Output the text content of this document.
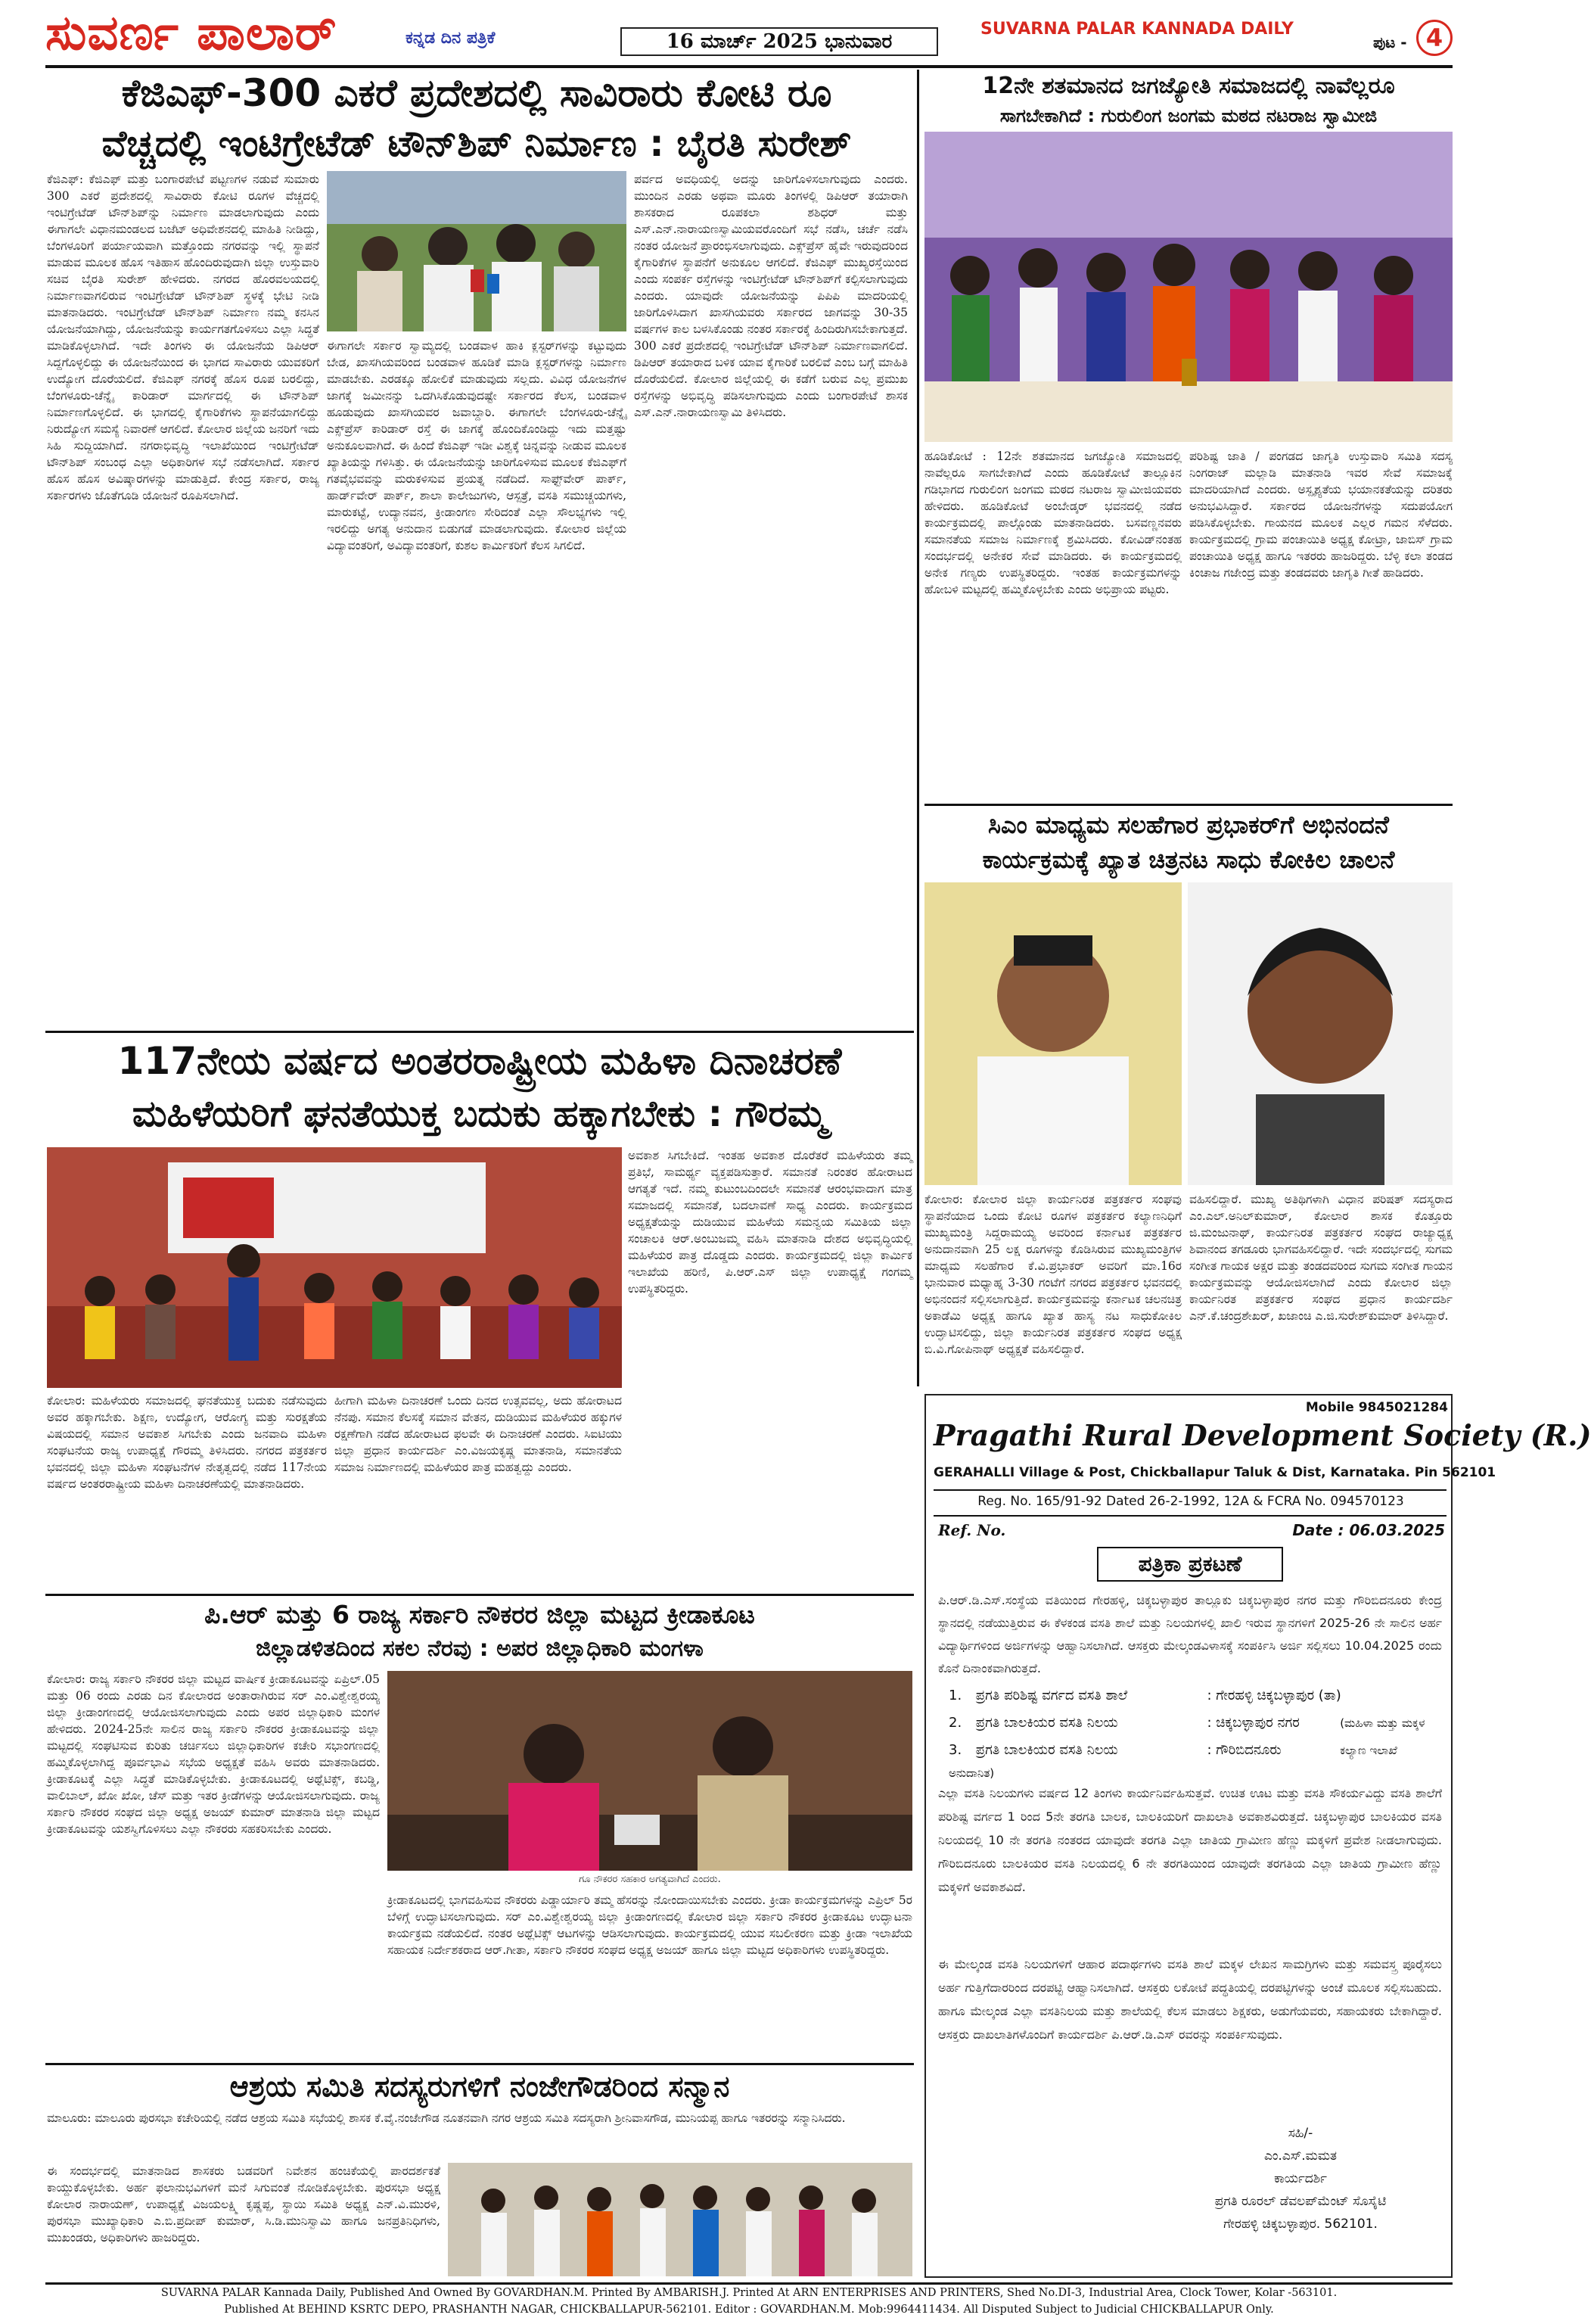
ಸುವರ್ಣ ಪಾಲಾರ್	ಕನ್ನಡ ದಿನ ಪತ್ರಿಕೆ	16 ಮಾರ್ಚ್ 2025 ಭಾನುವಾರ
SUVARNA PALAR KANNADA DAILY
ಪುಟ - 4
ಕೆಜಿಎಫ್-300 ಎಕರೆ ಪ್ರದೇಶದಲ್ಲಿ ಸಾವಿರಾರು ಕೋಟಿ ರೂ
ವೆಚ್ಚದಲ್ಲಿ ಇಂಟಿಗ್ರೇಟೆಡ್ ಟೌನ್‌ಶಿಪ್ ನಿರ್ಮಾಣ : ಬೈರತಿ ಸುರೇಶ್
ಕೆಜಿಎಫ್: ಕೆಜಿಎಫ್ ಮತ್ತು ಬಂಗಾರಪೇಟೆ ಪಟ್ಟಣಗಳ ನಡುವೆ ಸುಮಾರು 300 ಎಕರೆ ಪ್ರದೇಶದಲ್ಲಿ ಸಾವಿರಾರು ಕೋಟಿ ರೂಗಳ ವೆಚ್ಚದಲ್ಲಿ ಇಂಟಿಗ್ರೇಟೆಡ್ ಟೌನ್‌ಶಿಪ್‌ನ್ನು ನಿರ್ಮಾಣ ಮಾಡಲಾಗುವುದು ಎಂದು ಈಗಾಗಲೇ ವಿಧಾನಮಂಡಲದ ಬಜೆಟ್ ಅಧಿವೇಶನದಲ್ಲಿ ಮಾಹಿತಿ ನೀಡಿದ್ದು, ಬೆಂಗಳೂರಿಗೆ ಪರ್ಯಾಯವಾಗಿ ಮತ್ತೊಂದು ನಗರವನ್ನು ಇಲ್ಲಿ ಸ್ಥಾಪನೆ ಮಾಡುವ ಮೂಲಕ ಹೊಸ ಇತಿಹಾಸ ಹೊಂದಿರುವುದಾಗಿ ಜಿಲ್ಲಾ ಉಸ್ತುವಾರಿ ಸಚಿವ ಬೈರತಿ ಸುರೇಶ್ ಹೇಳಿದರು. ನಗರದ ಹೊರವಲಯದಲ್ಲಿ ನಿರ್ಮಾಣವಾಗಲಿರುವ ಇಂಟಿಗ್ರೇಟೆಡ್ ಟೌನ್‌ಶಿಪ್ ಸ್ಥಳಕ್ಕೆ ಭೇಟಿ ನೀಡಿ ಮಾತನಾಡಿದರು. ಇಂಟಿಗ್ರೇಟೆಡ್ ಟೌನ್‌ಶಿಪ್ ನಿರ್ಮಾಣ ನಮ್ಮ ಕನಸಿನ ಯೋಜನೆಯಾಗಿದ್ದು, ಯೋಜನೆಯನ್ನು ಕಾರ್ಯಗತಗೊಳಿಸಲು ಎಲ್ಲಾ ಸಿದ್ಧತೆ ಮಾಡಿಕೊಳ್ಳಲಾಗಿದೆ. ಇದೇ ತಿಂಗಳು ಈ ಯೋಜನೆಯ ಡಿಪಿಆರ್ ಸಿದ್ದಗೊಳ್ಳಲಿದ್ದು ಈ ಯೋಜನೆಯಿಂದ ಈ ಭಾಗದ ಸಾವಿರಾರು ಯುವಕರಿಗೆ ಉದ್ಯೋಗ ದೊರೆಯಲಿದೆ. ಕೆಜಿಎಫ್ ನಗರಕ್ಕೆ ಹೊಸ ರೂಪ ಬರಲಿದ್ದು, ಬೆಂಗಳೂರು-ಚೆನ್ನೈ ಕಾರಿಡಾರ್ ಮಾರ್ಗದಲ್ಲಿ ಈ ಟೌನ್‌ಶಿಪ್ ನಿರ್ಮಾಣಗೊಳ್ಳಲಿದೆ. ಈ ಭಾಗದಲ್ಲಿ ಕೈಗಾರಿಕೆಗಳು ಸ್ಥಾಪನೆಯಾಗಲಿದ್ದು ನಿರುದ್ಯೋಗ ಸಮಸ್ಯೆ ನಿವಾರಣೆ ಆಗಲಿದೆ. ಕೋಲಾರ ಜಿಲ್ಲೆಯ ಜನರಿಗೆ ಇದು ಸಿಹಿ ಸುದ್ದಿಯಾಗಿದೆ. ನಗರಾಭಿವೃದ್ಧಿ ಇಲಾಖೆಯಿಂದ ಇಂಟಿಗ್ರೇಟೆಡ್ ಟೌನ್‌ಶಿಪ್ ಸಂಬಂಧ ಎಲ್ಲಾ ಅಧಿಕಾರಿಗಳ ಸಭೆ ನಡೆಸಲಾಗಿದೆ. ಸರ್ಕಾರ ಹೊಸ ಹೊಸ ಅವಿಷ್ಕಾರಗಳನ್ನು ಮಾಡುತ್ತಿದೆ. ಕೇಂದ್ರ ಸರ್ಕಾರ, ರಾಜ್ಯ ಸರ್ಕಾರಗಳು ಜೊತೆಗೂಡಿ ಯೋಜನೆ ರೂಪಿಸಲಾಗಿದೆ.
ಈಗಾಗಲೇ ಸರ್ಕಾರ ಸ್ವಾಮ್ಯದಲ್ಲಿ ಬಂಡವಾಳ ಹಾಕಿ ಕ್ಲಸ್ಟರ್‌ಗಳನ್ನು ಕಟ್ಟುವುದು ಬೇಡ, ಖಾಸಗಿಯವರಿಂದ ಬಂಡವಾಳ ಹೂಡಿಕೆ ಮಾಡಿ ಕ್ಲಸ್ಟರ್‌ಗಳನ್ನು ನಿರ್ಮಾಣ ಮಾಡಬೇಕು. ಎರಡಕ್ಕೂ ಹೋಲಿಕೆ ಮಾಡುವುದು ಸಲ್ಲದು. ವಿವಿಧ ಯೋಜನೆಗಳ ಜಾಗಕ್ಕೆ ಜಮೀನನ್ನು ಒದಗಿಸಿಕೊಡುವುದಷ್ಟೇ ಸರ್ಕಾರದ ಕೆಲಸ, ಬಂಡವಾಳ ಹೂಡುವುದು ಖಾಸಗಿಯವರ ಜವಾಬ್ದಾರಿ. ಈಗಾಗಲೇ ಬೆಂಗಳೂರು-ಚೆನ್ನೈ ಎಕ್ಸ್‌ಪ್ರೆಸ್ ಕಾರಿಡಾರ್ ರಸ್ತೆ ಈ ಜಾಗಕ್ಕೆ ಹೊಂದಿಕೊಂಡಿದ್ದು ಇದು ಮತ್ತಷ್ಟು ಅನುಕೂಲವಾಗಿದೆ. ಈ ಹಿಂದೆ ಕೆಜಿಎಫ್ ಇಡೀ ವಿಶ್ವಕ್ಕೆ ಚಿನ್ನವನ್ನು ನೀಡುವ ಮೂಲಕ ಖ್ಯಾತಿಯನ್ನು ಗಳಿಸಿತ್ತು. ಈ ಯೋಜನೆಯನ್ನು ಜಾರಿಗೊಳಿಸುವ ಮೂಲಕ ಕೆಜಿಎಫ್‌ಗೆ ಗತವೈಭವವನ್ನು ಮರುಕಳಿಸುವ ಪ್ರಯತ್ನ ನಡೆದಿದೆ. ಸಾಫ್ಟ್‌ವೇರ್ ಪಾರ್ಕ್, ಹಾರ್ಡ್‌ವೇರ್ ಪಾರ್ಕ್, ಶಾಲಾ ಕಾಲೇಜುಗಳು, ಆಸ್ಪತ್ರೆ, ವಸತಿ ಸಮುಚ್ಚಯಗಳು, ಮಾರುಕಟ್ಟೆ, ಉದ್ಯಾನವನ, ಕ್ರೀಡಾಂಗಣ ಸೇರಿದಂತೆ ಎಲ್ಲಾ ಸೌಲಭ್ಯಗಳು ಇಲ್ಲಿ ಇರಲಿದ್ದು ಅಗತ್ಯ ಅನುದಾನ ಬಿಡುಗಡೆ ಮಾಡಲಾಗುವುದು. ಕೋಲಾರ ಜಿಲ್ಲೆಯ ವಿದ್ಯಾವಂತರಿಗೆ, ಅವಿದ್ಯಾವಂತರಿಗೆ, ಕುಶಲ ಕಾರ್ಮಿಕರಿಗೆ ಕೆಲಸ ಸಿಗಲಿದೆ.
ಪರ್ವದ ಅವಧಿಯಲ್ಲಿ ಅದನ್ನು ಜಾರಿಗೊಳಿಸಲಾಗುವುದು ಎಂದರು. ಮುಂದಿನ ಎರಡು ಅಥವಾ ಮೂರು ತಿಂಗಳಲ್ಲಿ ಡಿಪಿಆರ್ ತಯಾರಾಗಿ ಶಾಸಕರಾದ ರೂಪಕಲಾ ಶಶಿಧರ್ ಮತ್ತು ಎಸ್.ಎನ್.ನಾರಾಯಣಸ್ವಾಮಿಯವರೊಂದಿಗೆ ಸಭೆ ನಡೆಸಿ, ಚರ್ಚೆ ನಡೆಸಿ ನಂತರ ಯೋಜನೆ ಪ್ರಾರಂಭಿಸಲಾಗುವುದು. ಎಕ್ಸ್‌ಪ್ರೆಸ್ ಹೈವೇ ಇರುವುದರಿಂದ ಕೈಗಾರಿಕೆಗಳ ಸ್ಥಾಪನೆಗೆ ಅನುಕೂಲ ಆಗಲಿದೆ. ಕೆಜಿಎಫ್ ಮುಖ್ಯರಸ್ತೆಯಿಂದ ಎಂದು ಸಂಪರ್ಕ ರಸ್ತೆಗಳನ್ನು ಇಂಟಿಗ್ರೇಟೆಡ್ ಟೌನ್‌ಶಿಪ್‌ಗೆ ಕಲ್ಪಿಸಲಾಗುವುದು ಎಂದರು. ಯಾವುದೇ ಯೋಜನೆಯನ್ನು ಪಿಪಿಪಿ ಮಾದರಿಯಲ್ಲಿ ಜಾರಿಗೊಳಿಸಿದಾಗ ಖಾಸಗಿಯವರು ಸರ್ಕಾರದ ಜಾಗವನ್ನು 30-35 ವರ್ಷಗಳ ಕಾಲ ಬಳಸಿಕೊಂಡು ನಂತರ ಸರ್ಕಾರಕ್ಕೆ ಹಿಂದಿರುಗಿಸಬೇಕಾಗುತ್ತದೆ. 300 ಎಕರೆ ಪ್ರದೇಶದಲ್ಲಿ ಇಂಟಿಗ್ರೇಟೆಡ್ ಟೌನ್‌ಶಿಪ್ ನಿರ್ಮಾಣವಾಗಲಿದೆ. ಡಿಪಿಆರ್ ತಯಾರಾದ ಬಳಿಕ ಯಾವ ಕೈಗಾರಿಕೆ ಬರಲಿವೆ ಎಂಬ ಬಗ್ಗೆ ಮಾಹಿತಿ ದೊರೆಯಲಿದೆ. ಕೋಲಾರ ಜಿಲ್ಲೆಯಲ್ಲಿ ಈ ಕಡೆಗೆ ಬರುವ ಎಲ್ಲ ಪ್ರಮುಖ ರಸ್ತೆಗಳನ್ನು ಅಭಿವೃದ್ಧಿ ಪಡಿಸಲಾಗುವುದು ಎಂದು ಬಂಗಾರಪೇಟೆ ಶಾಸಕ ಎಸ್.ಎನ್.ನಾರಾಯಣಸ್ವಾಮಿ ತಿಳಿಸಿದರು.
12ನೇ ಶತಮಾನದ ಜಗಜ್ಯೋತಿ ಸಮಾಜದಲ್ಲಿ ನಾವೆಲ್ಲರೂ
ಸಾಗಬೇಕಾಗಿದೆ : ಗುರುಲಿಂಗ ಜಂಗಮ ಮಠದ ನಟರಾಜ ಸ್ವಾಮೀಜಿ
ಹೂಡಿಕೋಟೆ : 12ನೇ ಶತಮಾನದ ಜಗಜ್ಯೋತಿ ಸಮಾಜದಲ್ಲಿ ನಾವೆಲ್ಲರೂ ಸಾಗಬೇಕಾಗಿದೆ ಎಂದು ಹೂಡಿಕೋಟೆ ತಾಲ್ಲೂಕಿನ ಗಡಿಭಾಗದ ಗುರುಲಿಂಗ ಜಂಗಮ ಮಠದ ನಟರಾಜ ಸ್ವಾಮೀಜಿಯವರು ಹೇಳಿದರು. ಹೂಡಿಕೋಟೆ ಅಂಬೇಡ್ಕರ್ ಭವನದಲ್ಲಿ ನಡೆದ ಕಾರ್ಯಕ್ರಮದಲ್ಲಿ ಪಾಲ್ಗೊಂಡು ಮಾತನಾಡಿದರು. ಬಸವಣ್ಣನವರು ಸಮಾನತೆಯ ಸಮಾಜ ನಿರ್ಮಾಣಕ್ಕೆ ಶ್ರಮಿಸಿದರು. ಕೋವಿಡ್‌ನಂತಹ ಸಂದರ್ಭದಲ್ಲಿ ಅನೇಕರ ಸೇವೆ ಮಾಡಿದರು. ಈ ಕಾರ್ಯಕ್ರಮದಲ್ಲಿ ಅನೇಕ ಗಣ್ಯರು ಉಪಸ್ಥಿತರಿದ್ದರು. ಇಂತಹ ಕಾರ್ಯಕ್ರಮಗಳನ್ನು ಹೋಬಳಿ ಮಟ್ಟದಲ್ಲಿ ಹಮ್ಮಿಕೊಳ್ಳಬೇಕು ಎಂದು ಅಭಿಪ್ರಾಯ ಪಟ್ಟರು.
ಪರಿಶಿಷ್ಟ ಜಾತಿ / ಪಂಗಡದ ಜಾಗೃತಿ ಉಸ್ತುವಾರಿ ಸಮಿತಿ ಸದಸ್ಯ ನಿಂಗರಾಜ್ ಮಲ್ಲಾಡಿ ಮಾತನಾಡಿ ಇವರ ಸೇವೆ ಸಮಾಜಕ್ಕೆ ಮಾದರಿಯಾಗಿದೆ ಎಂದರು. ಅಸ್ಪೃಶ್ಯತೆಯ ಭಯಾನಕತೆಯನ್ನು ದರಿತರು ಅನುಭವಿಸಿದ್ದಾರೆ. ಸರ್ಕಾರದ ಯೋಜನೆಗಳನ್ನು ಸದುಪಯೋಗ ಪಡಿಸಿಕೊಳ್ಳಬೇಕು. ಗಾಯನದ ಮೂಲಕ ಎಲ್ಲರ ಗಮನ ಸೆಳೆದರು. ಕಾರ್ಯಕ್ರಮದಲ್ಲಿ ಗ್ರಾಮ ಪಂಚಾಯಿತಿ ಅಧ್ಯಕ್ಷ ಕೋಟ್ರಾ, ಜಾಬಿಸ್ ಗ್ರಾಮ ಪಂಚಾಯಿತಿ ಅಧ್ಯಕ್ಷ ಹಾಗೂ ಇತರರು ಹಾಜರಿದ್ದರು. ಬೆಳ್ಳಿ ಕಲಾ ತಂಡದ ಕಿಂಚಾಜ ಗಜೇಂದ್ರ ಮತ್ತು ತಂಡದವರು ಜಾಗೃತಿ ಗೀತೆ ಹಾಡಿದರು.
ಸಿಎಂ ಮಾಧ್ಯಮ ಸಲಹೆಗಾರ ಪ್ರಭಾಕರ್‌ಗೆ ಅಭಿನಂದನೆ
ಕಾರ್ಯಕ್ರಮಕ್ಕೆ ಖ್ಯಾತ ಚಿತ್ರನಟ ಸಾಧು ಕೋಕಿಲ ಚಾಲನೆ
ಕೋಲಾರ: ಕೋಲಾರ ಜಿಲ್ಲಾ ಕಾರ್ಯನಿರತ ಪತ್ರಕರ್ತರ ಸಂಘವು ಸ್ಥಾಪನೆಯಾದ ಒಂದು ಕೋಟಿ ರೂಗಳ ಪತ್ರಕರ್ತರ ಕಲ್ಯಾಣನಿಧಿಗೆ ಮುಖ್ಯಮಂತ್ರಿ ಸಿದ್ದರಾಮಯ್ಯ ಅವರಿಂದ ಕರ್ನಾಟಕ ಪತ್ರಕರ್ತರ ಅನುದಾನವಾಗಿ 25 ಲಕ್ಷ ರೂಗಳನ್ನು ಕೊಡಿಸಿರುವ ಮುಖ್ಯಮಂತ್ರಿಗಳ ಮಾಧ್ಯಮ ಸಲಹೆಗಾರ ಕೆ.ವಿ.ಪ್ರಭಾಕರ್ ಅವರಿಗೆ ಮಾ.16ರ ಭಾನುವಾರ ಮಧ್ಯಾಹ್ನ 3-30 ಗಂಟೆಗೆ ನಗರದ ಪತ್ರಕರ್ತರ ಭವನದಲ್ಲಿ ಅಭಿನಂದನೆ ಸಲ್ಲಿಸಲಾಗುತ್ತಿದೆ. ಕಾರ್ಯಕ್ರಮವನ್ನು ಕರ್ನಾಟಕ ಚಲನಚಿತ್ರ ಅಕಾಡೆಮಿ ಅಧ್ಯಕ್ಷ ಹಾಗೂ ಖ್ಯಾತ ಹಾಸ್ಯ ನಟ ಸಾಧುಕೋಕಿಲ ಉದ್ಘಾಟಿಸಲಿದ್ದು, ಜಿಲ್ಲಾ ಕಾರ್ಯನಿರತ ಪತ್ರಕರ್ತರ ಸಂಘದ ಅಧ್ಯಕ್ಷ ಬಿ.ವಿ.ಗೋಪಿನಾಥ್ ಅಧ್ಯಕ್ಷತೆ ವಹಿಸಲಿದ್ದಾರೆ.
ವಹಿಸಲಿದ್ದಾರೆ. ಮುಖ್ಯ ಅತಿಥಿಗಳಾಗಿ ವಿಧಾನ ಪರಿಷತ್ ಸದಸ್ಯರಾದ ಎಂ.ಎಲ್.ಅನಿಲ್‌ಕುಮಾರ್, ಕೋಲಾರ ಶಾಸಕ ಕೊತ್ತೂರು ಜಿ.ಮಂಜುನಾಥ್, ಕಾರ್ಯನಿರತ ಪತ್ರಕರ್ತರ ಸಂಘದ ರಾಜ್ಯಾಧ್ಯಕ್ಷ ಶಿವಾನಂದ ತಗಡೂರು ಭಾಗವಹಿಸಲಿದ್ದಾರೆ. ಇದೇ ಸಂದರ್ಭದಲ್ಲಿ ಸುಗಮ ಸಂಗೀತ ಗಾಯಕ ಅಕ್ಷರ ಮತ್ತು ತಂಡದವರಿಂದ ಸುಗಮ ಸಂಗೀತ ಗಾಯನ ಕಾರ್ಯಕ್ರಮವನ್ನು ಆಯೋಜಿಸಲಾಗಿದೆ ಎಂದು ಕೋಲಾರ ಜಿಲ್ಲಾ ಕಾರ್ಯನಿರತ ಪತ್ರಕರ್ತರ ಸಂಘದ ಪ್ರಧಾನ ಕಾರ್ಯದರ್ಶಿ ಎನ್.ಕೆ.ಚಂದ್ರಶೇಖರ್, ಖಜಾಂಚಿ ಎ.ಜಿ.ಸುರೇಶ್‌ಕುಮಾರ್ ತಿಳಿಸಿದ್ದಾರೆ.
117ನೇಯ ವರ್ಷದ ಅಂತರರಾಷ್ಟ್ರೀಯ ಮಹಿಳಾ ದಿನಾಚರಣೆ
ಮಹಿಳೆಯರಿಗೆ ಘನತೆಯುಕ್ತ ಬದುಕು ಹಕ್ಕಾಗಬೇಕು : ಗೌರಮ್ಮ
ಅವಕಾಶ ಸಿಗಬೇಕಿದೆ. ಇಂತಹ ಅವಕಾಶ ದೊರೆತರೆ ಮಹಿಳೆಯರು ತಮ್ಮ ಪ್ರತಿಭೆ, ಸಾಮರ್ಥ್ಯ ವ್ಯಕ್ತಪಡಿಸುತ್ತಾರೆ. ಸಮಾನತೆ ನಿರಂತರ ಹೋರಾಟದ ಆಗತ್ಯತೆ ಇದೆ. ನಮ್ಮ ಕುಟುಂಬದಿಂದಲೇ ಸಮಾನತೆ ಆರಂಭವಾದಾಗ ಮಾತ್ರ ಸಮಾಜದಲ್ಲಿ ಸಮಾನತೆ, ಬದಲಾವಣೆ ಸಾಧ್ಯ ಎಂದರು. ಕಾರ್ಯಕ್ರಮದ ಅಧ್ಯಕ್ಷತೆಯನ್ನು ದುಡಿಯುವ ಮಹಿಳೆಯ ಸಮನ್ವಯ ಸಮಿತಿಯ ಜಿಲ್ಲಾ ಸಂಚಾಲಕಿ ಆರ್.ಅಂಬುಜಮ್ಮ ವಹಿಸಿ ಮಾತನಾಡಿ ದೇಶದ ಅಭಿವೃದ್ಧಿಯಲ್ಲಿ ಮಹಿಳೆಯರ ಪಾತ್ರ ದೊಡ್ಡದು ಎಂದರು. ಕಾರ್ಯಕ್ರಮದಲ್ಲಿ ಜಿಲ್ಲಾ ಕಾರ್ಮಿಕ ಇಲಾಖೆಯ ಹರಿಣಿ, ಪಿ.ಆರ್.ಎಸ್ ಜಿಲ್ಲಾ ಉಪಾಧ್ಯಕ್ಷೆ ಗಂಗಮ್ಮ ಉಪಸ್ಥಿತರಿದ್ದರು.
ಕೋಲಾರ: ಮಹಿಳೆಯರು ಸಮಾಜದಲ್ಲಿ ಘನತೆಯುಕ್ತ ಬದುಕು ನಡೆಸುವುದು ಅವರ ಹಕ್ಕಾಗಬೇಕು. ಶಿಕ್ಷಣ, ಉದ್ಯೋಗ, ಆರೋಗ್ಯ ಮತ್ತು ಸುರಕ್ಷತೆಯ ವಿಷಯದಲ್ಲಿ ಸಮಾನ ಅವಕಾಶ ಸಿಗಬೇಕು ಎಂದು ಜನವಾದಿ ಮಹಿಳಾ ಸಂಘಟನೆಯ ರಾಜ್ಯ ಉಪಾಧ್ಯಕ್ಷೆ ಗೌರಮ್ಮ ತಿಳಿಸಿದರು. ನಗರದ ಪತ್ರಕರ್ತರ ಭವನದಲ್ಲಿ ಜಿಲ್ಲಾ ಮಹಿಳಾ ಸಂಘಟನೆಗಳ ನೇತೃತ್ವದಲ್ಲಿ ನಡೆದ 117ನೇಯ ವರ್ಷದ ಅಂತರರಾಷ್ಟ್ರೀಯ ಮಹಿಳಾ ದಿನಾಚರಣೆಯಲ್ಲಿ ಮಾತನಾಡಿದರು.
ಹೀಗಾಗಿ ಮಹಿಳಾ ದಿನಾಚರಣೆ ಒಂದು ದಿನದ ಉತ್ಸವವಲ್ಲ, ಅದು ಹೋರಾಟದ ನೆನಪು. ಸಮಾನ ಕೆಲಸಕ್ಕೆ ಸಮಾನ ವೇತನ, ದುಡಿಯುವ ಮಹಿಳೆಯರ ಹಕ್ಕುಗಳ ರಕ್ಷಣೆಗಾಗಿ ನಡೆದ ಹೋರಾಟದ ಫಲವೇ ಈ ದಿನಾಚರಣೆ ಎಂದರು. ಸಿಐಟಿಯು ಜಿಲ್ಲಾ ಪ್ರಧಾನ ಕಾರ್ಯದರ್ಶಿ ಎಂ.ವಿಜಯಕೃಷ್ಣ ಮಾತನಾಡಿ, ಸಮಾನತೆಯ ಸಮಾಜ ನಿರ್ಮಾಣದಲ್ಲಿ ಮಹಿಳೆಯರ ಪಾತ್ರ ಮಹತ್ವದ್ದು ಎಂದರು.
ಪಿ.ಆರ್ ಮತ್ತು 6 ರಾಜ್ಯ ಸರ್ಕಾರಿ ನೌಕರರ ಜಿಲ್ಲಾ ಮಟ್ಟದ ಕ್ರೀಡಾಕೂಟ
ಜಿಲ್ಲಾಡಳಿತದಿಂದ ಸಕಲ ನೆರವು : ಅಪರ ಜಿಲ್ಲಾಧಿಕಾರಿ ಮಂಗಳಾ
ಕೋಲಾರ: ರಾಜ್ಯ ಸರ್ಕಾರಿ ನೌಕರರ ಜಿಲ್ಲಾ ಮಟ್ಟದ ವಾರ್ಷಿಕ ಕ್ರೀಡಾಕೂಟವನ್ನು ಏಪ್ರಿಲ್.05 ಮತ್ತು 06 ರಂದು ಎರಡು ದಿನ ಕೋಲಾರದ ಅಂತಾರಾಗಿರುವ ಸರ್ ಎಂ.ವಿಶ್ವೇಶ್ವರಯ್ಯ ಜಿಲ್ಲಾ ಕ್ರೀಡಾಂಗಣದಲ್ಲಿ ಆಯೋಜಿಸಲಾಗುವುದು ಎಂದು ಅಪರ ಜಿಲ್ಲಾಧಿಕಾರಿ ಮಂಗಳ ಹೇಳಿದರು. 2024-25ನೇ ಸಾಲಿನ ರಾಜ್ಯ ಸರ್ಕಾರಿ ನೌಕರರ ಕ್ರೀಡಾಕೂಟವನ್ನು ಜಿಲ್ಲಾ ಮಟ್ಟದಲ್ಲಿ ಸಂಘಟಿಸುವ ಕುರಿತು ಚರ್ಚಿಸಲು ಜಿಲ್ಲಾಧಿಕಾರಿಗಳ ಕಚೇರಿ ಸಭಾಂಗಣದಲ್ಲಿ ಹಮ್ಮಿಕೊಳ್ಳಲಾಗಿದ್ದ ಪೂರ್ವಭಾವಿ ಸಭೆಯ ಅಧ್ಯಕ್ಷತೆ ವಹಿಸಿ ಅವರು ಮಾತನಾಡಿದರು. ಕ್ರೀಡಾಕೂಟಕ್ಕೆ ಎಲ್ಲಾ ಸಿದ್ಧತೆ ಮಾಡಿಕೊಳ್ಳಬೇಕು. ಕ್ರೀಡಾಕೂಟದಲ್ಲಿ ಅಥ್ಲೆಟಿಕ್ಸ್, ಕಬಡ್ಡಿ, ವಾಲಿಬಾಲ್, ಖೋ ಖೋ, ಚೆಸ್ ಮತ್ತು ಇತರ ಕ್ರೀಡೆಗಳನ್ನು ಆಯೋಜಿಸಲಾಗುವುದು. ರಾಜ್ಯ ಸರ್ಕಾರಿ ನೌಕರರ ಸಂಘದ ಜಿಲ್ಲಾ ಅಧ್ಯಕ್ಷ ಅಜಯ್ ಕುಮಾರ್ ಮಾತನಾಡಿ ಜಿಲ್ಲಾ ಮಟ್ಟದ ಕ್ರೀಡಾಕೂಟವನ್ನು ಯಶಸ್ವಿಗೊಳಿಸಲು ಎಲ್ಲಾ ನೌಕರರು ಸಹಕರಿಸಬೇಕು ಎಂದರು.
ಗೂ ನೌಕರರ ಸಹಕಾರ ಅಗತ್ಯವಾಗಿದೆ ಎಂದರು.
ಕ್ರೀಡಾಕೂಟದಲ್ಲಿ ಭಾಗವಹಿಸುವ ನೌಕರರು ಪಿಡ್ಡಾರ್ಯಾರಿ ತಮ್ಮ ಹೆಸರನ್ನು ನೋಂದಾಯಿಸಬೇಕು ಎಂದರು. ಕ್ರೀಡಾ ಕಾರ್ಯಕ್ರಮಗಳನ್ನು ಎಪ್ರಿಲ್ 5ರ ಬೆಳಿಗ್ಗೆ ಉದ್ಘಾಟಿಸಲಾಗುವುದು. ಸರ್ ಎಂ.ವಿಶ್ವೇಶ್ವರಯ್ಯ ಜಿಲ್ಲಾ ಕ್ರೀಡಾಂಗಣದಲ್ಲಿ ಕೋಲಾರ ಜಿಲ್ಲಾ ಸರ್ಕಾರಿ ನೌಕರರ ಕ್ರೀಡಾಕೂಟ ಉದ್ಘಾಟನಾ ಕಾರ್ಯಕ್ರಮ ನಡೆಯಲಿದೆ. ನಂತರ ಅಥ್ಲೆಟಿಕ್ಸ್ ಆಟಗಳನ್ನು ಆಡಿಸಲಾಗುವುದು. ಕಾರ್ಯಕ್ರಮದಲ್ಲಿ ಯುವ ಸಬಲೀಕರಣ ಮತ್ತು ಕ್ರೀಡಾ ಇಲಾಖೆಯ ಸಹಾಯಕ ನಿರ್ದೇಶಕರಾದ ಆರ್.ಗೀತಾ, ಸರ್ಕಾರಿ ನೌಕರರ ಸಂಘದ ಅಧ್ಯಕ್ಷ ಅಜಯ್ ಹಾಗೂ ಜಿಲ್ಲಾ ಮಟ್ಟದ ಅಧಿಕಾರಿಗಳು ಉಪಸ್ಥಿತರಿದ್ದರು.
ಆಶ್ರಯ ಸಮಿತಿ ಸದಸ್ಯರುಗಳಿಗೆ ನಂಜೇಗೌಡರಿಂದ ಸನ್ಮಾನ
ಮಾಲೂರು: ಮಾಲೂರು ಪುರಸಭಾ ಕಚೇರಿಯಲ್ಲಿ ನಡೆದ ಆಶ್ರಯ ಸಮಿತಿ ಸಭೆಯಲ್ಲಿ ಶಾಸಕ ಕೆ.ವೈ.ನಂಜೇಗೌಡ ನೂತನವಾಗಿ ನಗರ ಆಶ್ರಯ ಸಮಿತಿ ಸದಸ್ಯರಾಗಿ ಶ್ರೀನಿವಾಸಗೌಡ, ಮುನಿಯಪ್ಪ ಹಾಗೂ ಇತರರನ್ನು ಸನ್ಮಾನಿಸಿದರು.
ಈ ಸಂದರ್ಭದಲ್ಲಿ ಮಾತನಾಡಿದ ಶಾಸಕರು ಬಡವರಿಗೆ ನಿವೇಶನ ಹಂಚಿಕೆಯಲ್ಲಿ ಪಾರದರ್ಶಕತೆ ಕಾಯ್ದುಕೊಳ್ಳಬೇಕು. ಅರ್ಹ ಫಲಾನುಭವಿಗಳಿಗೆ ಮನೆ ಸಿಗುವಂತೆ ನೋಡಿಕೊಳ್ಳಬೇಕು. ಪುರಸಭಾ ಅಧ್ಯಕ್ಷ ಕೋಲಾರ ನಾರಾಯಣ್, ಉಪಾಧ್ಯಕ್ಷೆ ವಿಜಯಲಕ್ಷ್ಮಿ ಕೃಷ್ಣಪ್ಪ, ಸ್ಥಾಯಿ ಸಮಿತಿ ಅಧ್ಯಕ್ಷ ಎನ್.ವಿ.ಮುರಳಿ, ಪುರಸಭಾ ಮುಖ್ಯಾಧಿಕಾರಿ ಎ.ಬಿ.ಪ್ರದೀಪ್ ಕುಮಾರ್, ಸಿ.ಡಿ.ಮುನಿಸ್ವಾಮಿ ಹಾಗೂ ಜನಪ್ರತಿನಿಧಿಗಳು, ಮುಖಂಡರು, ಅಧಿಕಾರಿಗಳು ಹಾಜರಿದ್ದರು.
Mobile 9845021284
Pragathi Rural Development Society (R.)
GERAHALLI Village & Post, Chickballapur Taluk & Dist, Karnataka. Pin 562101
Reg. No. 165/91-92 Dated 26-2-1992, 12A & FCRA No. 094570123
Ref. No.	Date : 06.03.2025
ಪತ್ರಿಕಾ ಪ್ರಕಟಣೆ
ಪಿ.ಆರ್.ಡಿ.ಎಸ್.ಸಂಸ್ಥೆಯ ವತಿಯಿಂದ ಗೇರಹಳ್ಳಿ, ಚಿಕ್ಕಬಳ್ಳಾಪುರ ತಾಲ್ಲೂಕು ಚಿಕ್ಕಬಳ್ಳಾಪುರ ನಗರ ಮತ್ತು ಗೌರಿಬಿದನೂರು ಕೇಂದ್ರ ಸ್ಥಾನದಲ್ಲಿ ನಡೆಯುತ್ತಿರುವ ಈ ಕೆಳಕಂಡ ವಸತಿ ಶಾಲೆ ಮತ್ತು ನಿಲಯಗಳಲ್ಲಿ ಖಾಲಿ ಇರುವ ಸ್ಥಾನಗಳಿಗೆ 2025-26 ನೇ ಸಾಲಿನ ಅರ್ಹ ವಿದ್ಯಾರ್ಥಿಗಳಿಂದ ಅರ್ಜಿಗಳನ್ನು ಆಹ್ವಾನಿಸಲಾಗಿದೆ. ಆಸಕ್ತರು ಮೇಲ್ಕಂಡವಿಳಾಸಕ್ಕೆ ಸಂಪರ್ಕಿಸಿ ಅರ್ಜಿ ಸಲ್ಲಿಸಲು 10.04.2025 ರಂದು ಕೊನೆ ದಿನಾಂಕವಾಗಿರುತ್ತದೆ.
1. ಪ್ರಗತಿ ಪರಿಶಿಷ್ಟ ವರ್ಗದ ವಸತಿ ಶಾಲೆ	: ಗೇರಹಳ್ಳಿ ಚಿಕ್ಕಬಳ್ಳಾಪುರ (ತಾ)
2. ಪ್ರಗತಿ ಬಾಲಕಿಯರ ವಸತಿ ನಿಲಯ	: ಚಿಕ್ಕಬಳ್ಳಾಪುರ ನಗರ	(ಮಹಿಳಾ ಮತ್ತು ಮಕ್ಕಳ
3. ಪ್ರಗತಿ ಬಾಲಕಿಯರ ವಸತಿ ನಿಲಯ	: ಗೌರಿಬಿದನೂರು	ಕಲ್ಯಾಣ ಇಲಾಖೆ ಅನುದಾನಿತ)
ಎಲ್ಲಾ ವಸತಿ ನಿಲಯಗಳು ವರ್ಷದ 12 ತಿಂಗಳು ಕಾರ್ಯನಿರ್ವಹಿಸುತ್ತವೆ. ಉಚಿತ ಊಟ ಮತ್ತು ವಸತಿ ಸೌಕರ್ಯವಿದ್ದು ವಸತಿ ಶಾಲೆಗೆ ಪರಿಶಿಷ್ಟ ವರ್ಗದ 1 ರಿಂದ 5ನೇ ತರಗತಿ ಬಾಲಕ, ಬಾಲಕಿಯರಿಗೆ ದಾಖಲಾತಿ ಅವಕಾಶವಿರುತ್ತದೆ. ಚಿಕ್ಕಬಳ್ಳಾಪುರ ಬಾಲಕಿಯರ ವಸತಿ ನಿಲಯದಲ್ಲಿ 10 ನೇ ತರಗತಿ ನಂತರದ ಯಾವುದೇ ತರಗತಿ ಎಲ್ಲಾ ಜಾತಿಯ ಗ್ರಾಮೀಣ ಹೆಣ್ಣು ಮಕ್ಕಳಿಗೆ ಪ್ರವೇಶ ನೀಡಲಾಗುವುದು. ಗೌರಿಬಿದನೂರು ಬಾಲಕಿಯರ ವಸತಿ ನಿಲಯದಲ್ಲಿ 6 ನೇ ತರಗತಿಯಿಂದ ಯಾವುದೇ ತರಗತಿಯ ಎಲ್ಲಾ ಜಾತಿಯ ಗ್ರಾಮೀಣ ಹೆಣ್ಣು ಮಕ್ಕಳಿಗೆ ಅವಕಾಶವಿದೆ.
ಈ ಮೇಲ್ಕಂಡ ವಸತಿ ನಿಲಯಗಳಿಗೆ ಆಹಾರ ಪದಾರ್ಥಗಳು ವಸತಿ ಶಾಲೆ ಮಕ್ಕಳ ಲೇಖನ ಸಾಮಗ್ರಿಗಳು ಮತ್ತು ಸಮವಸ್ತ್ರ ಪೂರೈಸಲು ಅರ್ಹ ಗುತ್ತಿಗೆದಾರರಿಂದ ದರಪಟ್ಟಿ ಆಹ್ವಾನಿಸಲಾಗಿದೆ. ಆಸಕ್ತರು ಲಕೋಟೆ ಪದ್ಧತಿಯಲ್ಲಿ ದರಪಟ್ಟಿಗಳನ್ನು ಅಂಚೆ ಮೂಲಕ ಸಲ್ಲಿಸಬಹುದು. ಹಾಗೂ ಮೇಲ್ಕಂಡ ಎಲ್ಲಾ ವಸತಿನಿಲಯ ಮತ್ತು ಶಾಲೆಯಲ್ಲಿ ಕೆಲಸ ಮಾಡಲು ಶಿಕ್ಷಕರು, ಅಡುಗೆಯವರು, ಸಹಾಯಕರು ಬೇಕಾಗಿದ್ದಾರೆ. ಆಸಕ್ತರು ದಾಖಲಾತಿಗಳೊಂದಿಗೆ ಕಾರ್ಯದರ್ಶಿ ಪಿ.ಆರ್.ಡಿ.ಎಸ್ ರವರನ್ನು ಸಂಪರ್ಕಿಸುವುದು.
ಸಹಿ/-
ಎಂ.ಎಸ್.ಮಮತ
ಕಾರ್ಯದರ್ಶಿ
ಪ್ರಗತಿ ರೂರಲ್ ಡೆವಲಪ್‌ಮೆಂಟ್ ಸೊಸೈಟಿ
ಗೇರಹಳ್ಳಿ ಚಿಕ್ಕಬಳ್ಳಾಪುರ. 562101.
SUVARNA PALAR Kannada Daily, Published And Owned By GOVARDHAN.M. Printed By AMBARISH.J. Printed At ARN ENTERPRISES AND PRINTERS, Shed No.DI-3, Industrial Area, Clock Tower, Kolar -563101.
Published At BEHIND KSRTC DEPO, PRASHANTH NAGAR, CHICKBALLAPUR-562101. Editor : GOVARDHAN.M. Mob:9964411434. All Disputed Subject to Judicial CHICKBALLAPUR Only.
